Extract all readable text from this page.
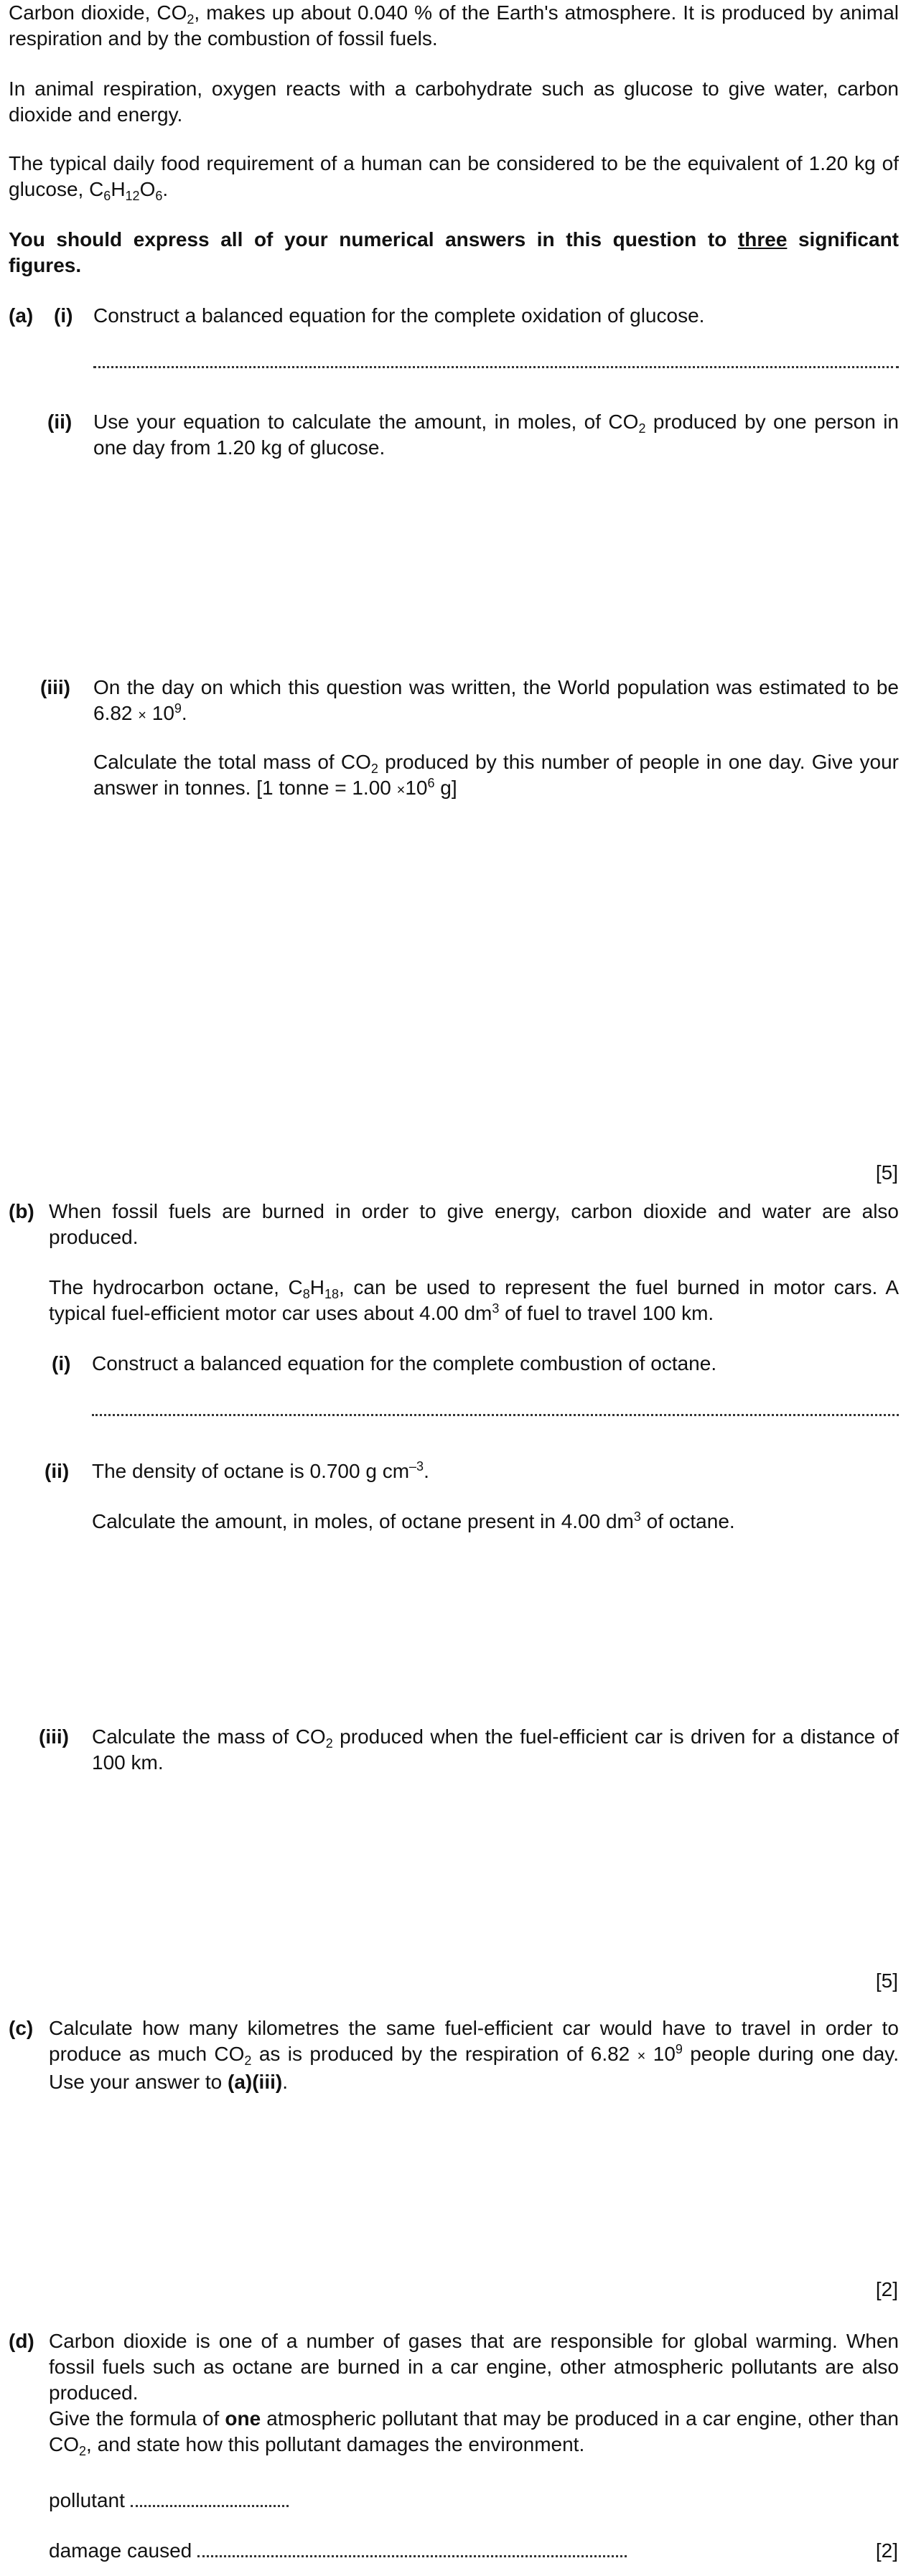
Carbon dioxide, $CO_2$, makes up about 0.040 % of the Earth's atmosphere. It is produced by animal respiration and by the combustion of fossil fuels.
In animal respiration, oxygen reacts with a carbohydrate such as glucose to give water, carbon dioxide and energy.
The typical daily food requirement of a human can be considered to be the equivalent of 1.20 kg of glucose, $C_6H_{12}O_6$.
You should express all of your numerical answers in this question to three significant figures.
(a) (i) Construct a balanced equation for the complete oxidation of glucose.
(ii) Use your equation to calculate the amount, in moles, of $CO_2$ produced by one person in one day from 1.20 kg of glucose.
(iii) On the day on which this question was written, the World population was estimated to be $6.82 \times 10^9$.
Calculate the total mass of $CO_2$ produced by this number of people in one day. Give your answer in tonnes. [1 tonne = $1.00 \times 10^6$ g]
[5]
(b) When fossil fuels are burned in order to give energy, carbon dioxide and water are also produced.
The hydrocarbon octane, $C_8H_{18}$, can be used to represent the fuel burned in motor cars. A typical fuel-efficient motor car uses about 4.00 $dm^3$ of fuel to travel 100 km.
(i) Construct a balanced equation for the complete combustion of octane.
(ii) The density of octane is 0.700 g $cm^{-3}$.
Calculate the amount, in moles, of octane present in 4.00 $dm^3$ of octane.
(iii) Calculate the mass of $CO_2$ produced when the fuel-efficient car is driven for a distance of 100 km.
[5]
(c) Calculate how many kilometres the same fuel-efficient car would have to travel in order to produce as much $CO_2$ as is produced by the respiration of $6.82 \times 10^9$ people during one day. Use your answer to (a)(iii).
[2]
(d) Carbon dioxide is one of a number of gases that are responsible for global warming. When fossil fuels such as octane are burned in a car engine, other atmospheric pollutants are also produced.
Give the formula of one atmospheric pollutant that may be produced in a car engine, other than $CO_2$, and state how this pollutant damages the environment.
pollutant
damage caused	[2]
